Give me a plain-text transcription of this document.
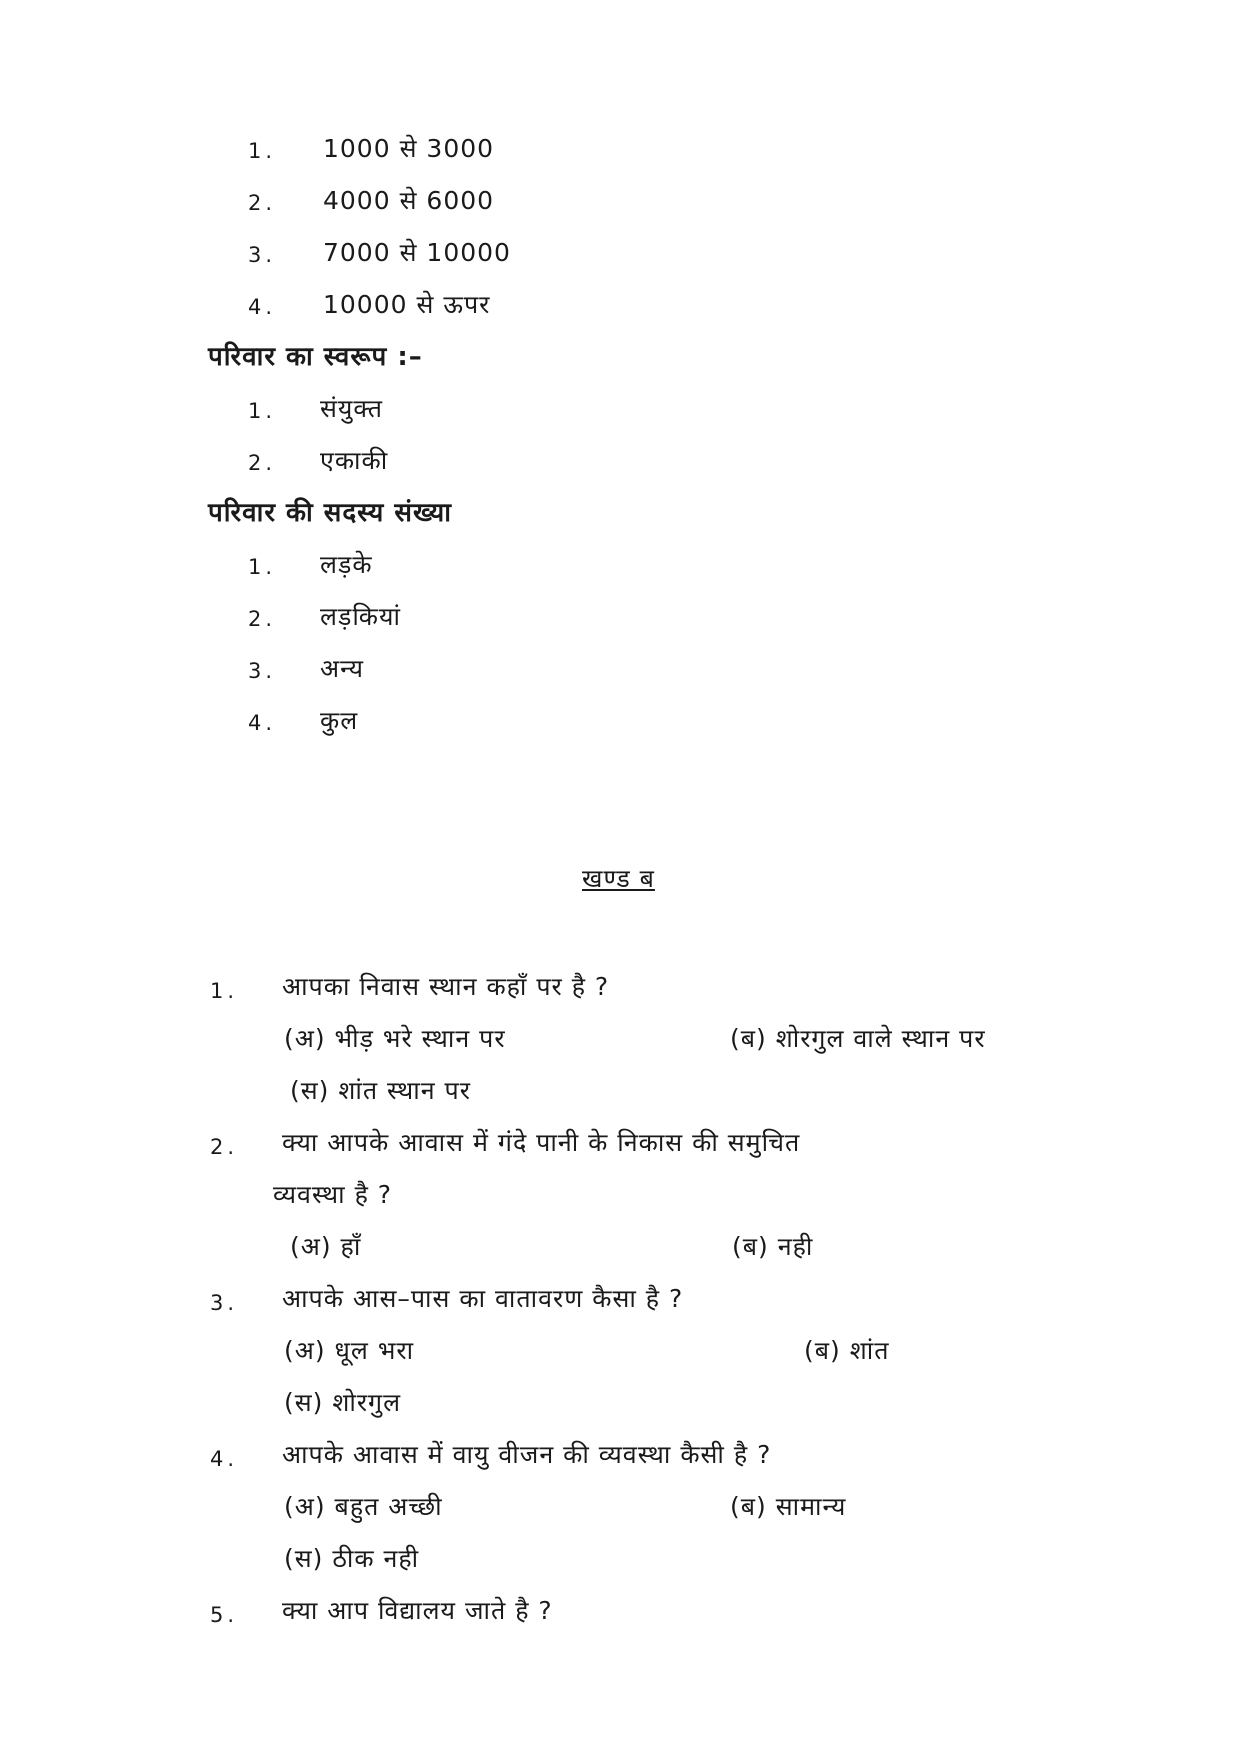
1. 1000 से 3000
2. 4000 से 6000
3. 7000 से 10000
4. 10000 से ऊपर
परिवार का स्वरूप :–
1. संयुक्त
2. एकाकी
परिवार की सदस्य संख्या
1. लड़के
2. लड़कियां
3. अन्य
4. कुल
खण्ड ब
1. आपका निवास स्थान कहाँ पर है ?
(अ) भीड़ भरे स्थान पर	(ब) शोरगुल वाले स्थान पर
(स) शांत स्थान पर
2. क्या आपके आवास में गंदे पानी के निकास की समुचित
व्यवस्था है ?
(अ) हाँ	(ब) नही
3. आपके आस–पास का वातावरण कैसा है ?
(अ) धूल भरा	(ब) शांत
(स) शोरगुल
4. आपके आवास में वायु वीजन की व्यवस्था कैसी है ?
(अ) बहुत अच्छी	(ब) सामान्य
(स) ठीक नही
5. क्या आप विद्यालय जाते है ?
